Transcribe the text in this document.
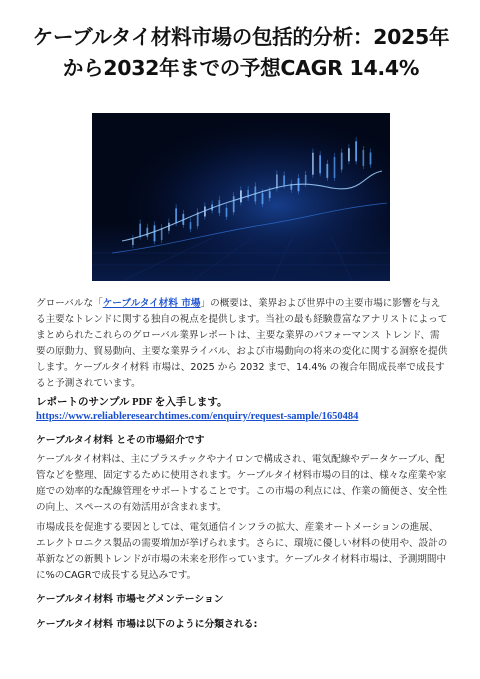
ケーブルタイ材料市場の包括的分析：2025年から2032年までの予想CAGR 14.4%

グローバルな「ケーブルタイ材料 市場」の概要は、業界および世界中の主要市場に影響を与える主要なトレンドに関する独自の視点を提供します。当社の最も経験豊富なアナリストによってまとめられたこれらのグローバル業界レポートは、主要な業界のパフォーマンス トレンド、需要の原動力、貿易動向、主要な業界ライバル、および市場動向の将来の変化に関する洞察を提供します。ケーブルタイ材料 市場は、2025 から 2032 まで、14.4% の複合年間成長率で成長すると予測されています。

レポートのサンプル PDF を入手します。 https://www.reliableresearchtimes.com/enquiry/request-sample/1650484

ケーブルタイ材料 とその市場紹介です

ケーブルタイ材料は、主にプラスチックやナイロンで構成され、電気配線やデータケーブル、配管などを整理、固定するために使用されます。ケーブルタイ材料市場の目的は、様々な産業や家庭での効率的な配線管理をサポートすることです。この市場の利点には、作業の簡便さ、安全性の向上、スペースの有効活用が含まれます。

市場成長を促進する要因としては、電気通信インフラの拡大、産業オートメーションの進展、エレクトロニクス製品の需要増加が挙げられます。さらに、環境に優しい材料の使用や、設計の革新などの新興トレンドが市場の未来を形作っています。ケーブルタイ材料市場は、予測期間中に%のCAGRで成長する見込みです。

ケーブルタイ材料 市場セグメンテーション

ケーブルタイ材料 市場は以下のように分類される:
